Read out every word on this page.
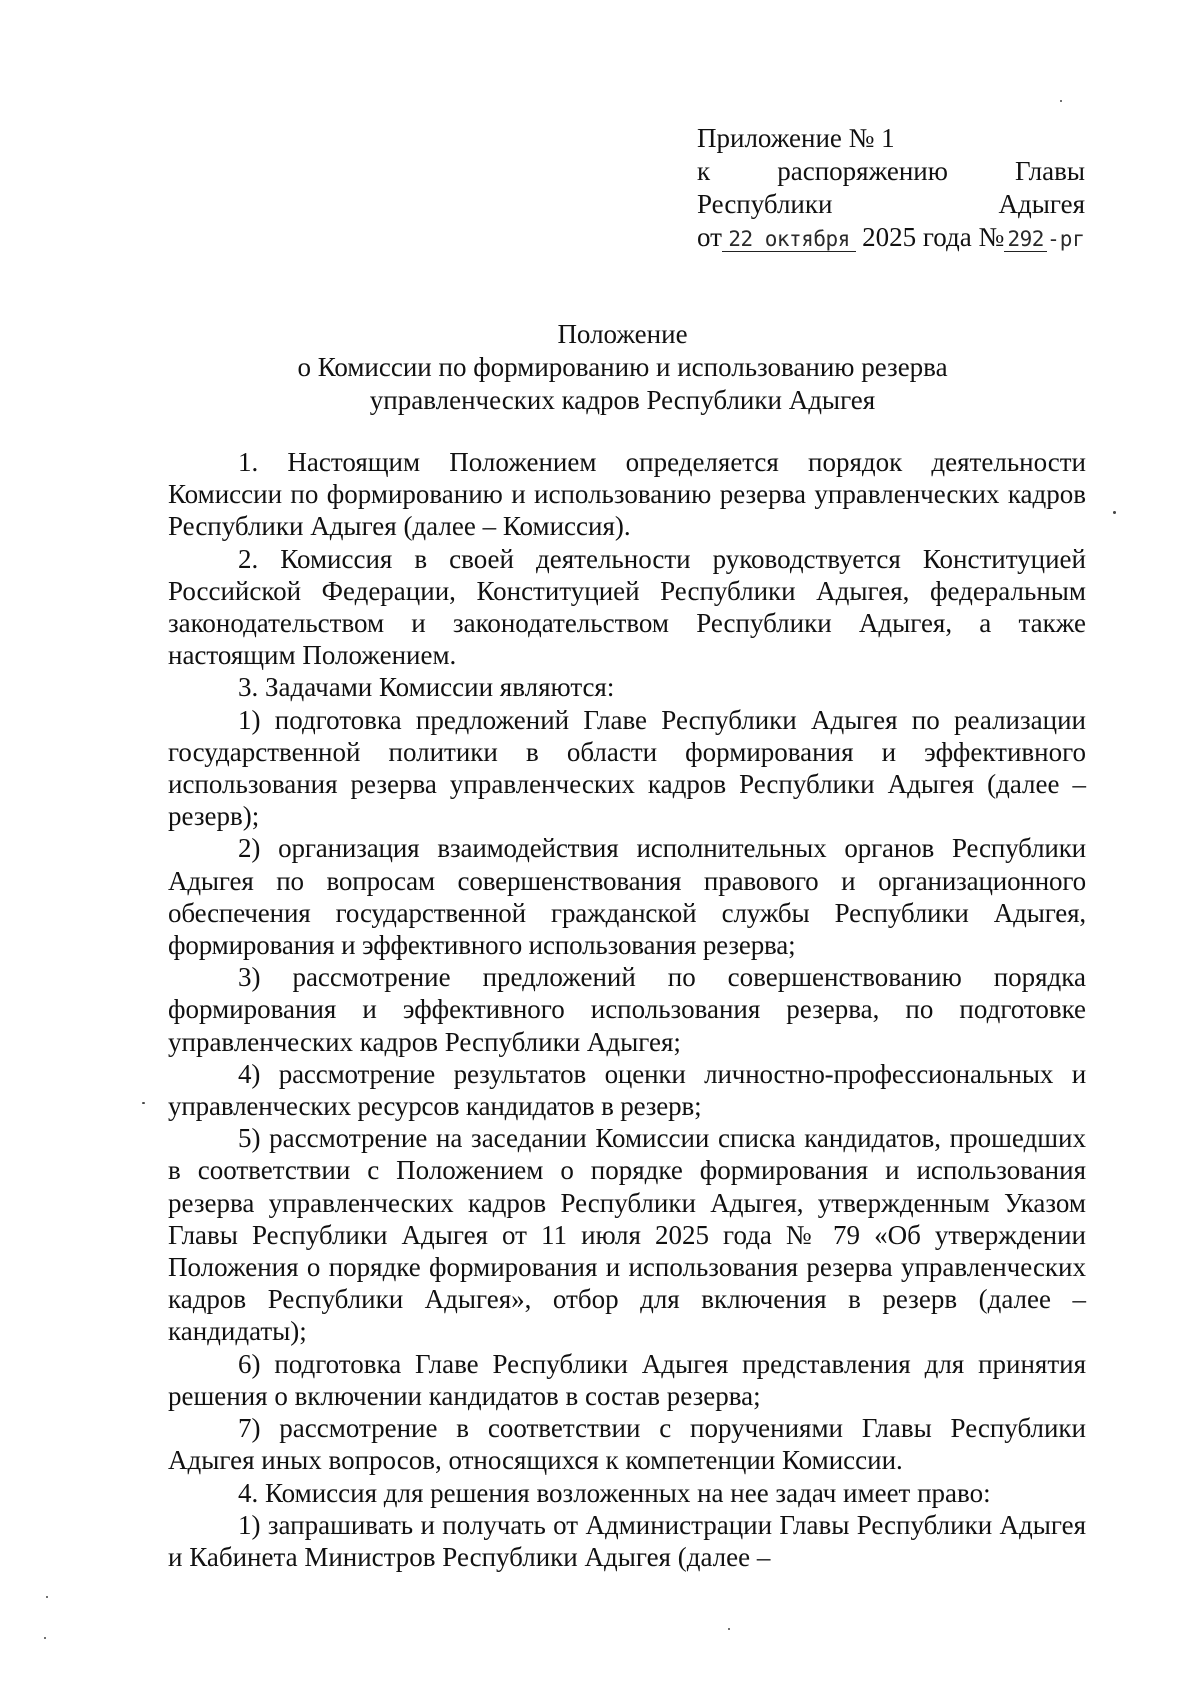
Приложение № 1
к распоряжению Главы
Республики	Адыгея
от 22 октября 2025 года № 292 -рг
Положение
о Комиссии по формированию и использованию резерва
управленческих кадров Республики Адыгея

1. Настоящим Положением определяется порядок деятельности Комиссии по формированию и использованию резерва управленческих кадров Республики Адыгея (далее – Комиссия).

2. Комиссия в своей деятельности руководствуется Конституцией Российской Федерации, Конституцией Республики Адыгея, федеральным законодательством и законодательством Республики Адыгея, а также настоящим Положением.

3. Задачами Комиссии являются:

1) подготовка предложений Главе Республики Адыгея по реализации государственной политики в области формирования и эффективного использования резерва управленческих кадров Республики Адыгея (далее – резерв);

2) организация взаимодействия исполнительных органов Республики Адыгея по вопросам совершенствования правового и организационного обеспечения государственной гражданской службы Республики Адыгея, формирования и эффективного использования резерва;

3) рассмотрение предложений по совершенствованию порядка формирования и эффективного использования резерва, по подготовке управленческих кадров Республики Адыгея;

4) рассмотрение результатов оценки личностно-профессиональных и управленческих ресурсов кандидатов в резерв;

5) рассмотрение на заседании Комиссии списка кандидатов, прошедших в соответствии с Положением о порядке формирования и использования резерва управленческих кадров Республики Адыгея, утвержденным Указом Главы Республики Адыгея от 11 июля 2025 года № 79 «Об утверждении Положения о порядке формирования и использования резерва управленческих кадров Республики Адыгея», отбор для включения в резерв (далее – кандидаты);

6) подготовка Главе Республики Адыгея представления для принятия решения о включении кандидатов в состав резерва;

7) рассмотрение в соответствии с поручениями Главы Республики Адыгея иных вопросов, относящихся к компетенции Комиссии.

4. Комиссия для решения возложенных на нее задач имеет право:

1) запрашивать и получать от Администрации Главы Республики Адыгея и Кабинета Министров Республики Адыгея (далее –
